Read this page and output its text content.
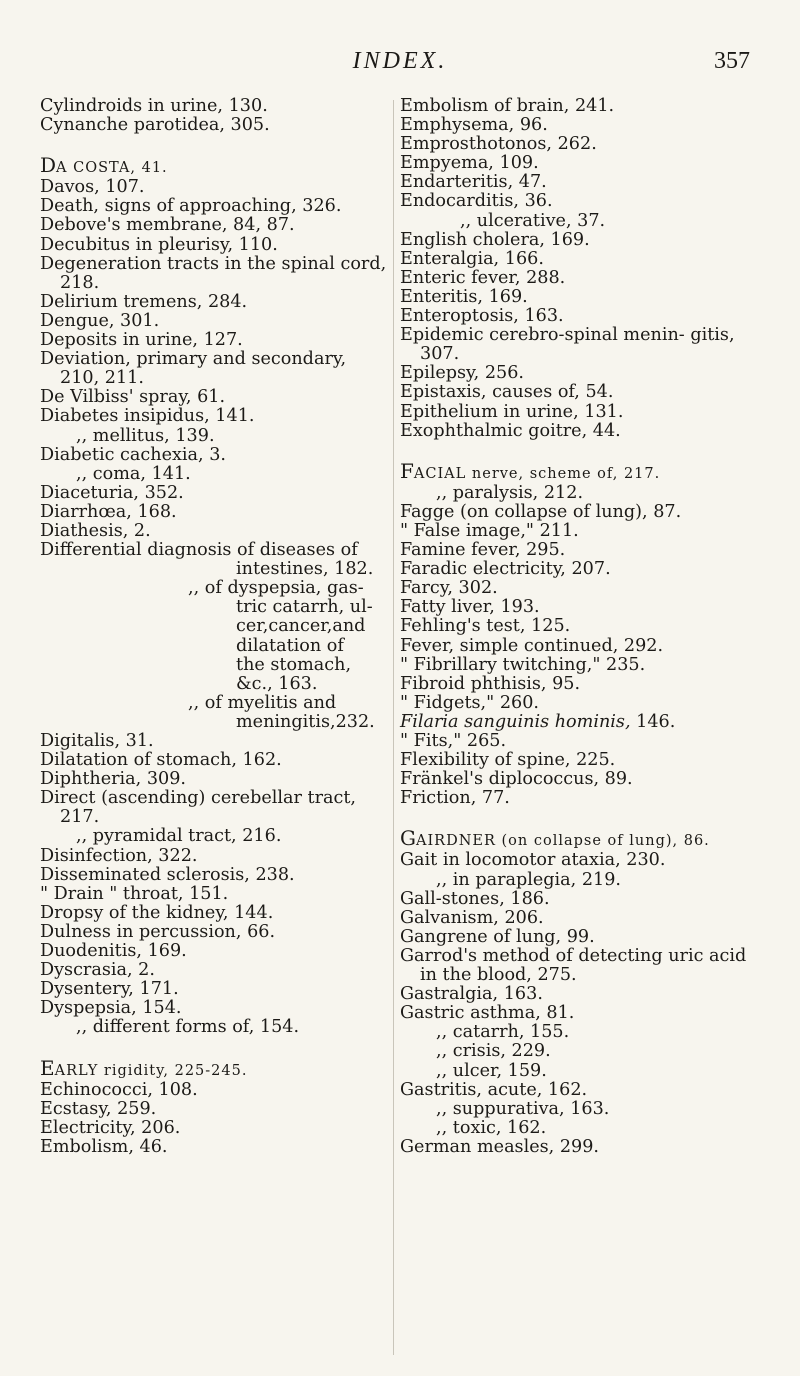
INDEX.	357

Cylindroids in urine, 130.

Cynanche parotidea, 305.

DA COSTA, 41.

Davos, 107.

Death, signs of approaching, 326.

Debove's membrane, 84, 87.

Decubitus in pleurisy, 110.

Degeneration tracts in the spinal cord, 218.

Delirium tremens, 284.

Dengue, 301.

Deposits in urine, 127.

Deviation, primary and secondary, 210, 211.

De Vilbiss' spray, 61.

Diabetes insipidus, 141.

,, mellitus, 139.

Diabetic cachexia, 3.

,, coma, 141.

Diaceturia, 352.

Diarrhœa, 168.

Diathesis, 2.

Differential diagnosis of diseases of

intestines, 182.

,, of dyspepsia, gas-

tric catarrh, ul-

cer,cancer,and

dilatation of

the stomach,

&c., 163.

,, of myelitis and

meningitis,232.

Digitalis, 31.

Dilatation of stomach, 162.

Diphtheria, 309.

Direct (ascending) cerebellar tract, 217.

,, pyramidal tract, 216.

Disinfection, 322.

Disseminated sclerosis, 238.

" Drain " throat, 151.

Dropsy of the kidney, 144.

Dulness in percussion, 66.

Duodenitis, 169.

Dyscrasia, 2.

Dysentery, 171.

Dyspepsia, 154.

,, different forms of, 154.

EARLY rigidity, 225-245.

Echinococci, 108.

Ecstasy, 259.

Electricity, 206.

Embolism, 46.

Embolism of brain, 241.

Emphysema, 96.

Emprosthotonos, 262.

Empyema, 109.

Endarteritis, 47.

Endocarditis, 36.

,, ulcerative, 37.

English cholera, 169.

Enteralgia, 166.

Enteric fever, 288.

Enteritis, 169.

Enteroptosis, 163.

Epidemic cerebro-spinal menin- gitis, 307.

Epilepsy, 256.

Epistaxis, causes of, 54.

Epithelium in urine, 131.

Exophthalmic goitre, 44.

FACIAL nerve, scheme of, 217.

,, paralysis, 212.

Fagge (on collapse of lung), 87.

" False image," 211.

Famine fever, 295.

Faradic electricity, 207.

Farcy, 302.

Fatty liver, 193.

Fehling's test, 125.

Fever, simple continued, 292.

" Fibrillary twitching," 235.

Fibroid phthisis, 95.

" Fidgets," 260.

Filaria sanguinis hominis, 146.

" Fits," 265.

Flexibility of spine, 225.

Fränkel's diplococcus, 89.

Friction, 77.

GAIRDNER (on collapse of lung), 86.

Gait in locomotor ataxia, 230.

,, in paraplegia, 219.

Gall-stones, 186.

Galvanism, 206.

Gangrene of lung, 99.

Garrod's method of detecting uric acid in the blood, 275.

Gastralgia, 163.

Gastric asthma, 81.

,, catarrh, 155.

,, crisis, 229.

,, ulcer, 159.

Gastritis, acute, 162.

,, suppurativa, 163.

,, toxic, 162.

German measles, 299.
